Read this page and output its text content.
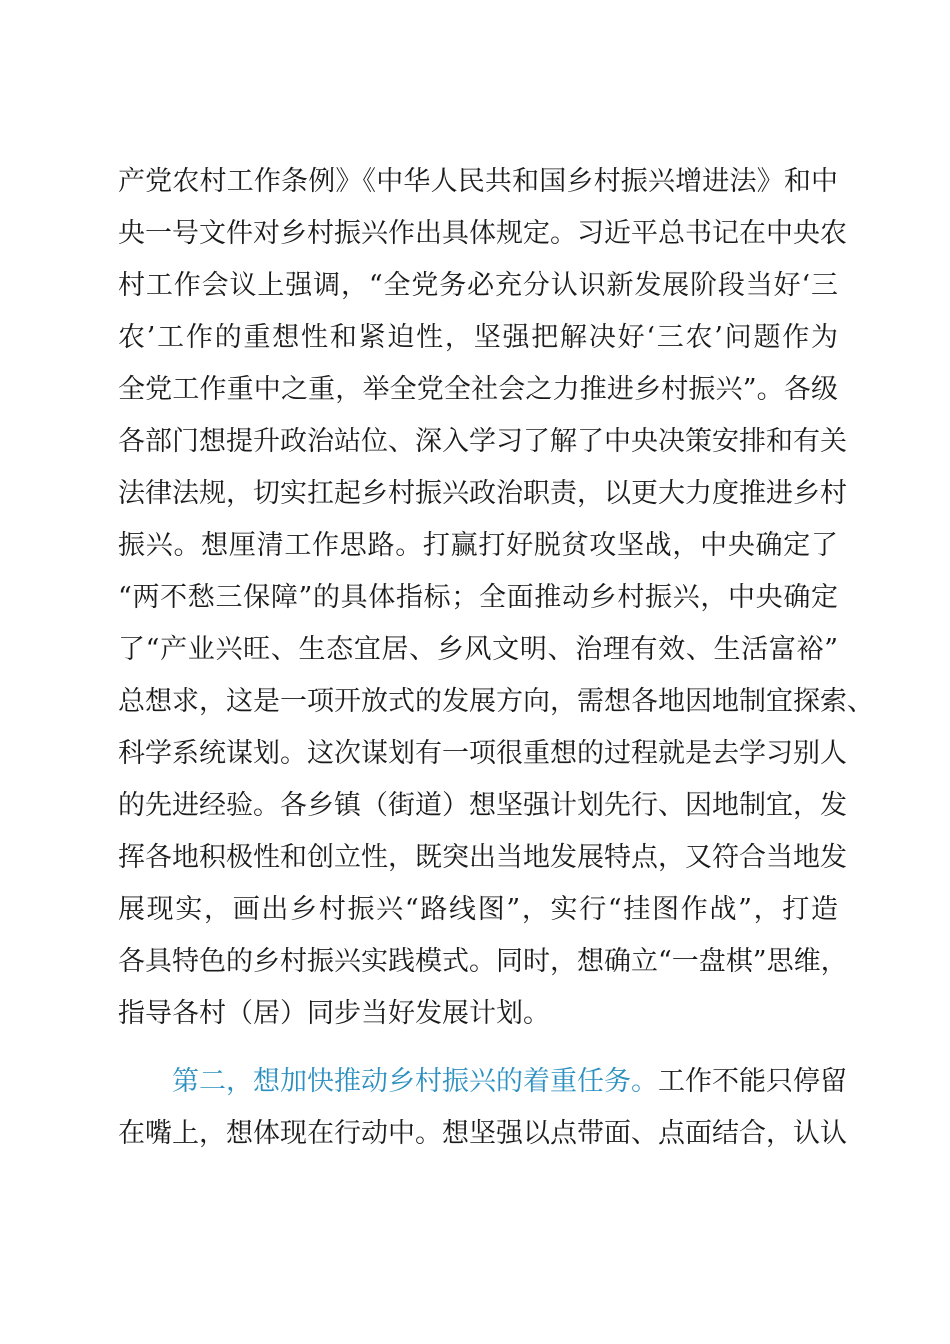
产党农村工作条例》《中华人民共和国乡村振兴增进法》和中
央一号文件对乡村振兴作出具体规定。习近平总书记在中央农
村工作会议上强调，“全党务必充分认识新发展阶段当好‘三
农’工作的重想性和紧迫性，坚强把解决好‘三农’问题作为
全党工作重中之重，举全党全社会之力推进乡村振兴”。各级
各部门想提升政治站位、深入学习了解了中央决策安排和有关
法律法规，切实扛起乡村振兴政治职责，以更大力度推进乡村
振兴。想厘清工作思路。打赢打好脱贫攻坚战，中央确定了
“两不愁三保障”的具体指标；全面推动乡村振兴，中央确定
了“产业兴旺、生态宜居、乡风文明、治理有效、生活富裕”
总想求，这是一项开放式的发展方向，需想各地因地制宜探索、
科学系统谋划。这次谋划有一项很重想的过程就是去学习别人
的先进经验。各乡镇（街道）想坚强计划先行、因地制宜，发
挥各地积极性和创立性，既突出当地发展特点，又符合当地发
展现实，画出乡村振兴“路线图”，实行“挂图作战”，打造
各具特色的乡村振兴实践模式。同时，想确立“一盘棋”思维，
指导各村（居）同步当好发展计划。
第二，想加快推动乡村振兴的着重任务。工作不能只停留
在嘴上，想体现在行动中。想坚强以点带面、点面结合，认认
